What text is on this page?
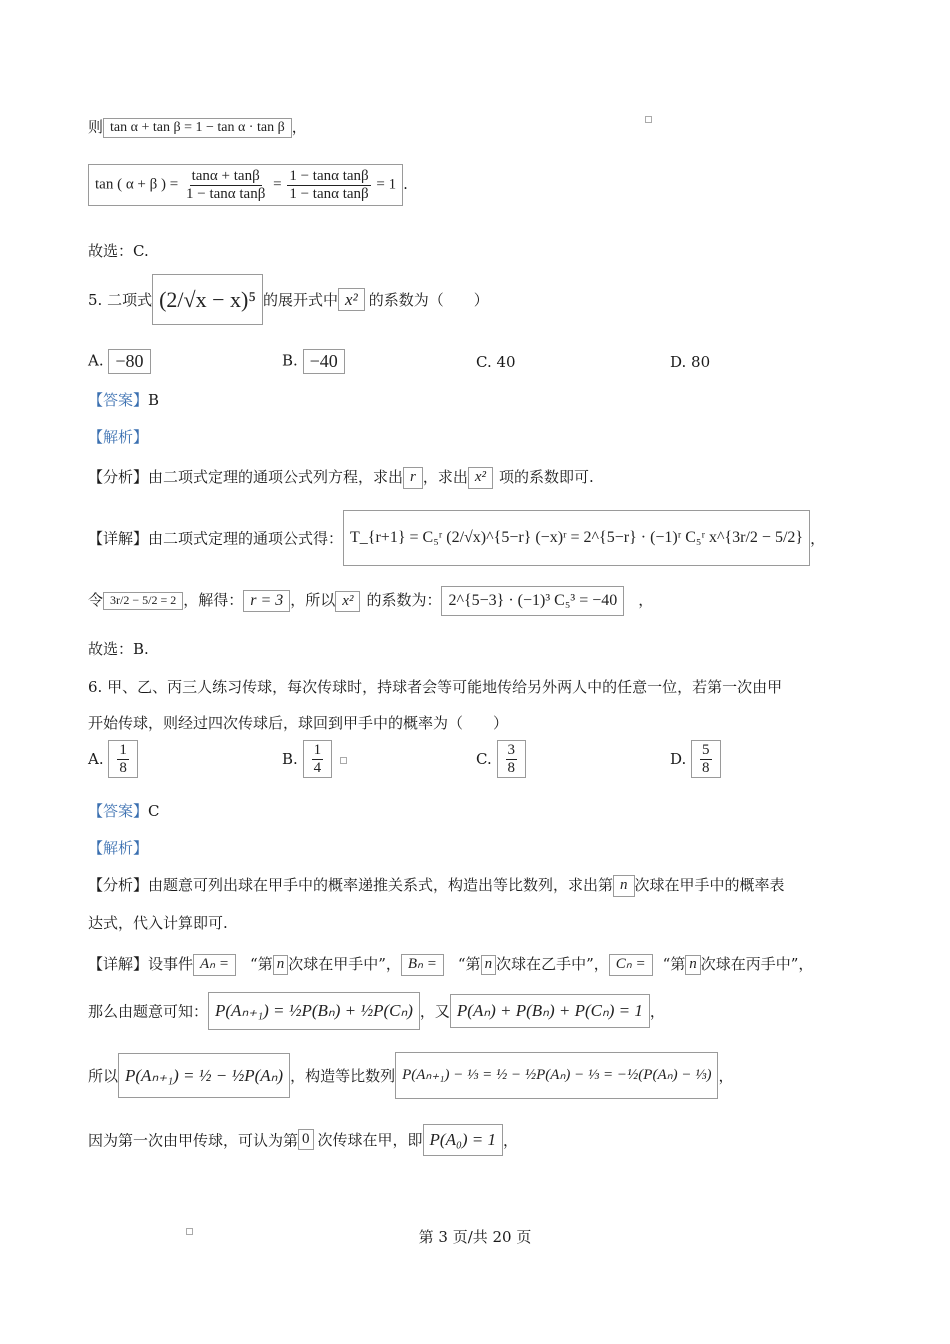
则 tan α + tan β = 1 − tan α · tan β ，
tan ( α + β ) = $\frac{\tan\alpha + \tan\beta}{\text{1 − tanα tanβ}} = \frac{\text{1 − tanα tanβ}}{\text{1 − tanα tanβ}} = 1$ .
故选：C.
5. 二项式 (2/√x − x)⁵ 的展开式中 x² 的系数为（　　）
A. −80	B. −40	C. 40	D. 80
【答案】B
【解析】
【分析】由二项式定理的通项公式列方程，求出 r ，求出 x² 项的系数即可.
【详解】由二项式定理的通项公式得： T_{r+1} = C₅ʳ (2/√x)^{5−r} (−x)ʳ = 2^{5−r} · (−1)ʳ C₅ʳ x^{3r/2 − 5/2} ，
令 3r/2 − 5/2 = 2 ，解得： r = 3 ，所以 x² 的系数为： 2^{5−3} · (−1)³ C₅³ = −40 ，
故选：B.
6. 甲、乙、丙三人练习传球，每次传球时，持球者会等可能地传给另外两人中的任意一位，若第一次由甲
开始传球，则经过四次传球后，球回到甲手中的概率为（　　）
A. $\frac{1}{8}$	B. $\frac{1}{4}$	C. $\frac{3}{8}$	D. $\frac{5}{8}$
【答案】C
【解析】
【分析】由题意可列出球在甲手中的概率递推关系式，构造出等比数列，求出第 n 次球在甲手中的概率表
达式，代入计算即可.
【详解】设事件 Aₙ = “第 n 次球在甲手中”， Bₙ = “第 n 次球在乙手中”， Cₙ = “第 n 次球在丙手中”，
那么由题意可知： P(Aₙ₊₁) = ½P(Bₙ) + ½P(Cₙ) ，又 P(Aₙ) + P(Bₙ) + P(Cₙ) = 1 ，
所以 P(Aₙ₊₁) = ½ − ½P(Aₙ) ，构造等比数列 P(Aₙ₊₁) − ⅓ = ½ − ½P(Aₙ) − ⅓ = −½(P(Aₙ) − ⅓) ，
因为第一次由甲传球，可认为第 0 次传球在甲，即 P(A₀) = 1 ，
第 3 页/共 20 页
